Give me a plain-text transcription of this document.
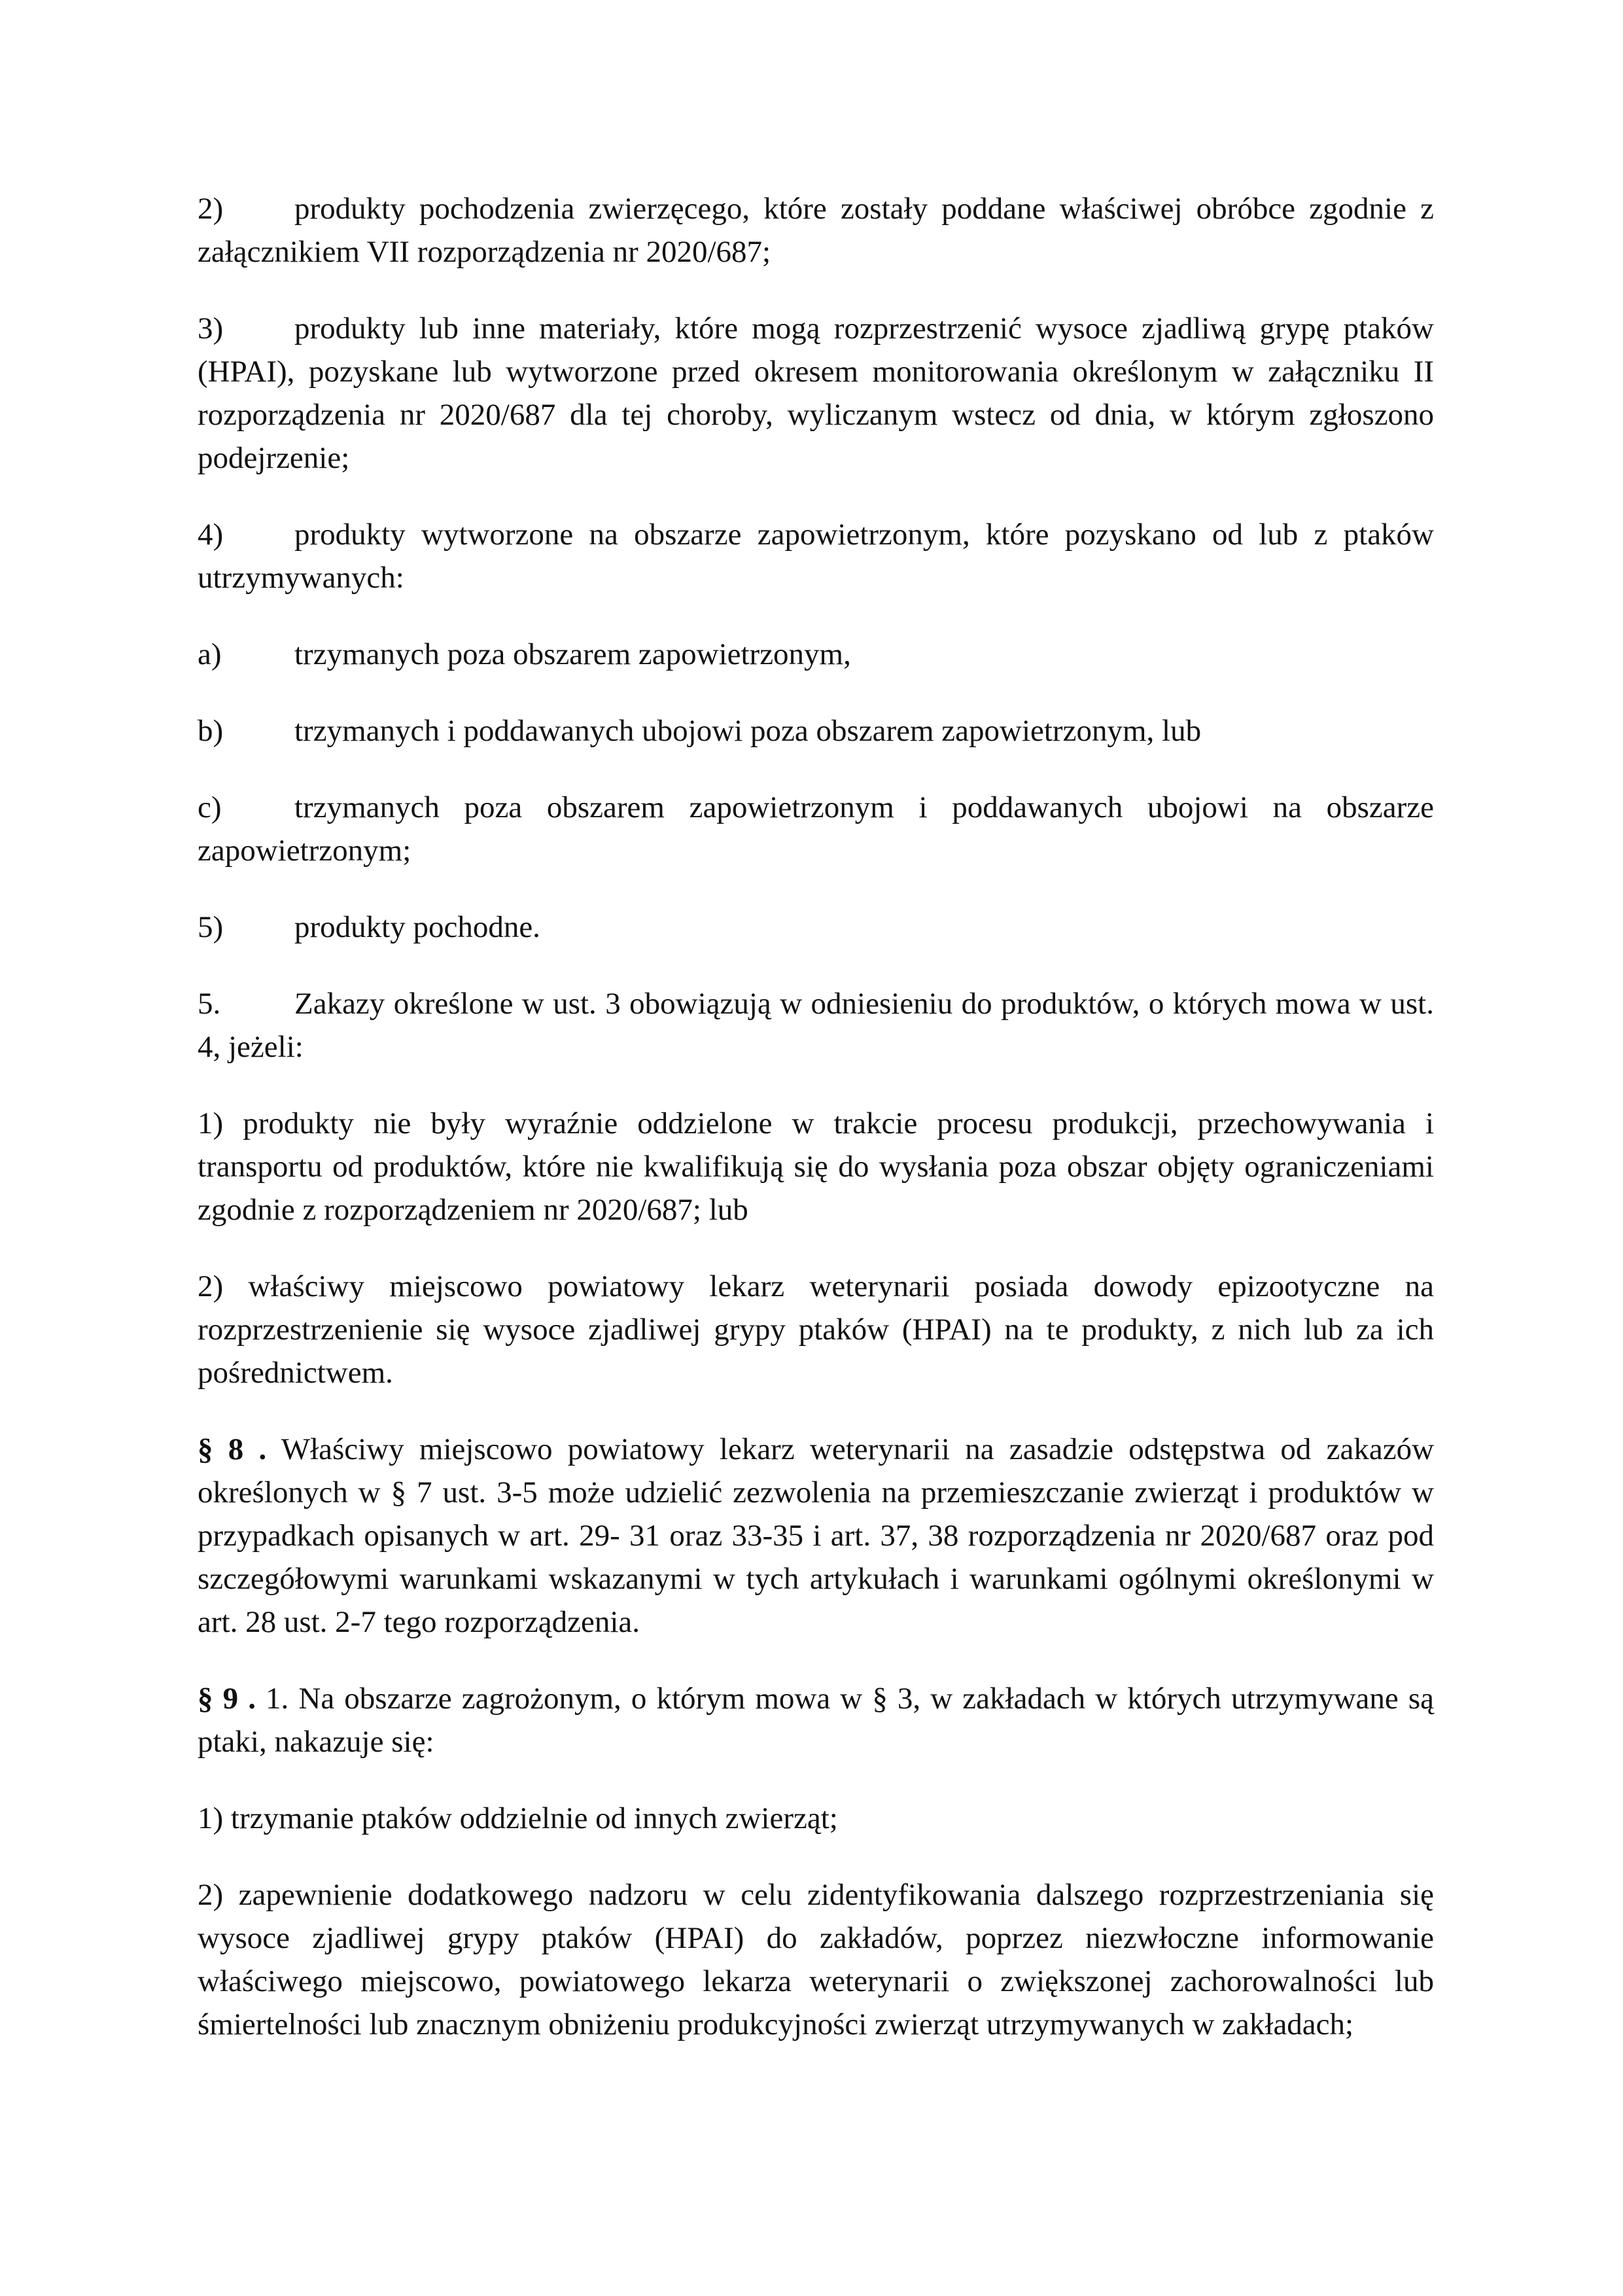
2) produkty pochodzenia zwierzęcego, które zostały poddane właściwej obróbce zgodnie z załącznikiem VII rozporządzenia nr 2020/687;

3) produkty lub inne materiały, które mogą rozprzestrzenić wysoce zjadliwą grypę ptaków (HPAI), pozyskane lub wytworzone przed okresem monitorowania określonym w załączniku II rozporządzenia nr 2020/687 dla tej choroby, wyliczanym wstecz od dnia, w którym zgłoszono podejrzenie;

4) produkty wytworzone na obszarze zapowietrzonym, które pozyskano od lub z ptaków utrzymywanych:

a) trzymanych poza obszarem zapowietrzonym,

b) trzymanych i poddawanych ubojowi poza obszarem zapowietrzonym, lub

c) trzymanych poza obszarem zapowietrzonym i poddawanych ubojowi na obszarze zapowietrzonym;

5) produkty pochodne.

5. Zakazy określone w ust. 3 obowiązują w odniesieniu do produktów, o których mowa w ust. 4, jeżeli:

1) produkty nie były wyraźnie oddzielone w trakcie procesu produkcji, przechowywania i transportu od produktów, które nie kwalifikują się do wysłania poza obszar objęty ograniczeniami zgodnie z rozporządzeniem nr 2020/687; lub

2) właściwy miejscowo powiatowy lekarz weterynarii posiada dowody epizootyczne na rozprzestrzenienie się wysoce zjadliwej grypy ptaków (HPAI) na te produkty, z nich lub za ich pośrednictwem.

§ 8 . Właściwy miejscowo powiatowy lekarz weterynarii na zasadzie odstępstwa od zakazów określonych w § 7 ust. 3-5 może udzielić zezwolenia na przemieszczanie zwierząt i produktów w przypadkach opisanych w art. 29- 31 oraz 33-35 i art. 37, 38 rozporządzenia nr 2020/687 oraz pod szczegółowymi warunkami wskazanymi w tych artykułach i warunkami ogólnymi określonymi w art. 28 ust. 2-7 tego rozporządzenia.

§ 9 . 1. Na obszarze zagrożonym, o którym mowa w § 3, w zakładach w których utrzymywane są ptaki, nakazuje się:

1) trzymanie ptaków oddzielnie od innych zwierząt;

2) zapewnienie dodatkowego nadzoru w celu zidentyfikowania dalszego rozprzestrzeniania się wysoce zjadliwej grypy ptaków (HPAI) do zakładów, poprzez niezwłoczne informowanie właściwego miejscowo, powiatowego lekarza weterynarii o zwiększonej zachorowalności lub śmiertelności lub znacznym obniżeniu produkcyjności zwierząt utrzymywanych w zakładach;
